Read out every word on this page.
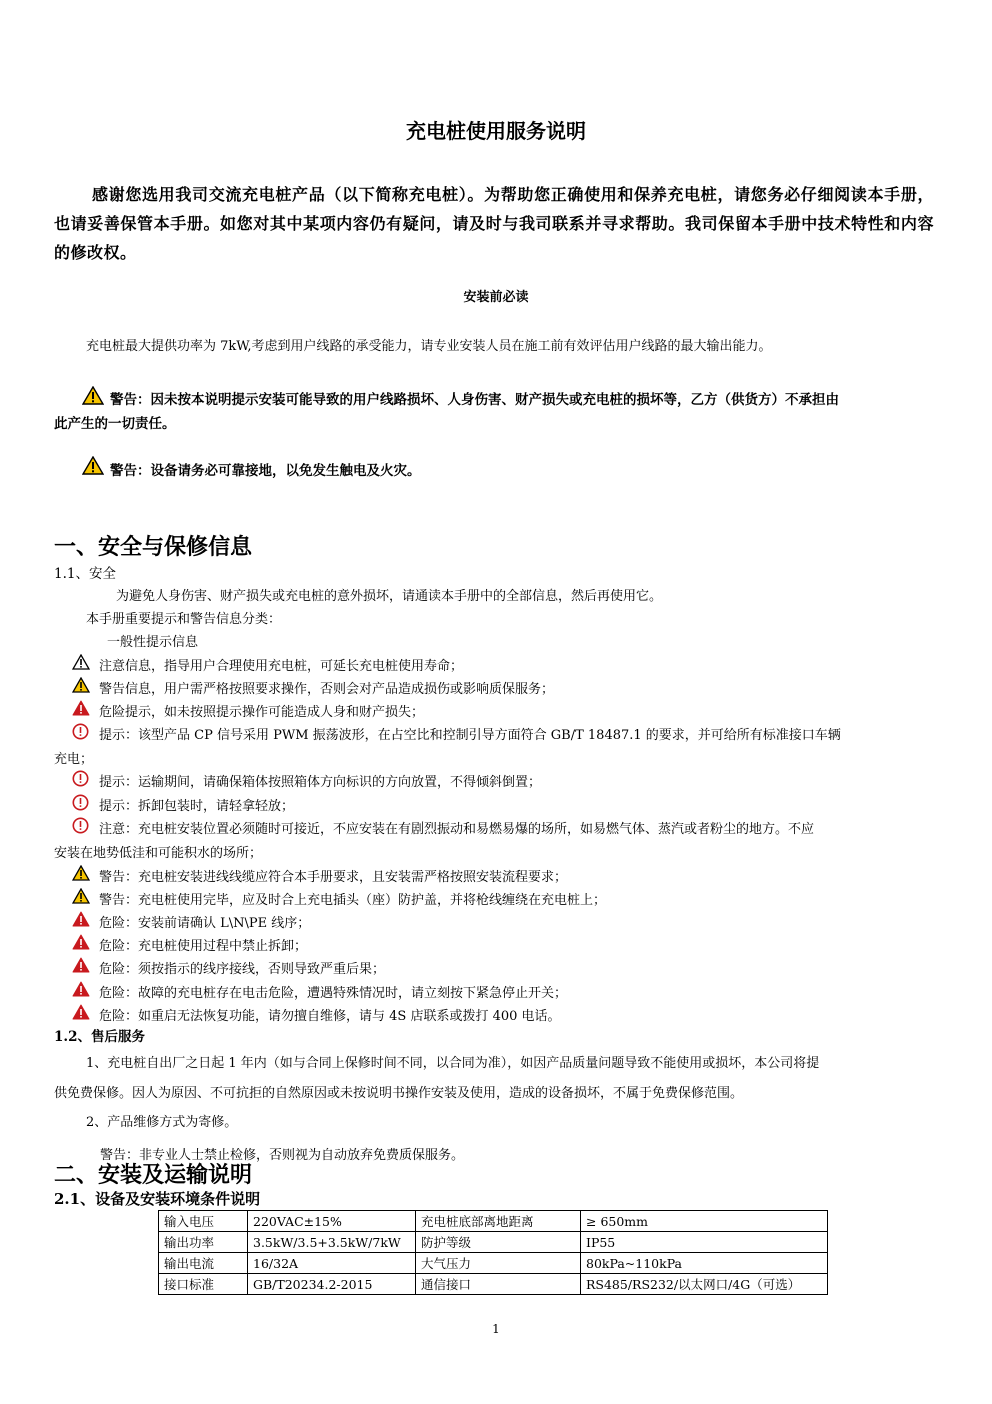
充电桩使用服务说明
感谢您选用我司交流充电桩产品（以下简称充电桩）。为帮助您正确使用和保养充电桩，请您务必仔细阅读本手册，也请妥善保管本手册。如您对其中某项内容仍有疑问，请及时与我司联系并寻求帮助。我司保留本手册中技术特性和内容的修改权。
安装前必读
充电桩最大提供功率为 7kW,考虑到用户线路的承受能力，请专业安装人员在施工前有效评估用户线路的最大输出能力。
警告：因未按本说明提示安装可能导致的用户线路损坏、人身伤害、财产损失或充电桩的损坏等，乙方（供货方）不承担由
此产生的一切责任。
警告：设备请务必可靠接地，以免发生触电及火灾。
一、安全与保修信息
1.1、安全
为避免人身伤害、财产损失或充电桩的意外损坏，请通读本手册中的全部信息，然后再使用它。
本手册重要提示和警告信息分类：
一般性提示信息
注意信息，指导用户合理使用充电桩，可延长充电桩使用寿命；
警告信息，用户需严格按照要求操作，否则会对产品造成损伤或影响质保服务；
危险提示，如未按照提示操作可能造成人身和财产损失；
提示：该型产品 CP 信号采用 PWM 振荡波形，在占空比和控制引导方面符合 GB/T 18487.1 的要求，并可给所有标准接口车辆
充电；
提示：运输期间，请确保箱体按照箱体方向标识的方向放置，不得倾斜倒置；
提示：拆卸包装时，请轻拿轻放；
注意：充电桩安装位置必须随时可接近，不应安装在有剧烈振动和易燃易爆的场所，如易燃气体、蒸汽或者粉尘的地方。不应
安装在地势低洼和可能积水的场所；
警告：充电桩安装进线线缆应符合本手册要求，且安装需严格按照安装流程要求；
警告：充电桩使用完毕，应及时合上充电插头（座）防护盖，并将枪线缠绕在充电桩上；
危险：安装前请确认 L\N\PE 线序；
危险：充电桩使用过程中禁止拆卸；
危险：须按指示的线序接线，否则导致严重后果；
危险：故障的充电桩存在电击危险，遭遇特殊情况时，请立刻按下紧急停止开关；
危险：如重启无法恢复功能，请勿擅自维修，请与 4S 店联系或拨打 400 电话。
1.2、售后服务
1、充电桩自出厂之日起 1 年内（如与合同上保修时间不同，以合同为准），如因产品质量问题导致不能使用或损坏，本公司将提
供免费保修。因人为原因、不可抗拒的自然原因或未按说明书操作安装及使用，造成的设备损坏，不属于免费保修范围。
2、产品维修方式为寄修。
警告：非专业人士禁止检修，否则视为自动放弃免费质保服务。
二、安装及运输说明
2.1、设备及安装环境条件说明
输入电压	220VAC±15%	充电桩底部离地距离	≥ 650mm
输出功率	3.5kW/3.5+3.5kW/7kW	防护等级	IP55
输出电流	16/32A	大气压力	80kPa~110kPa
接口标准	GB/T20234.2-2015	通信接口	RS485/RS232/以太网口/4G（可选）
1
